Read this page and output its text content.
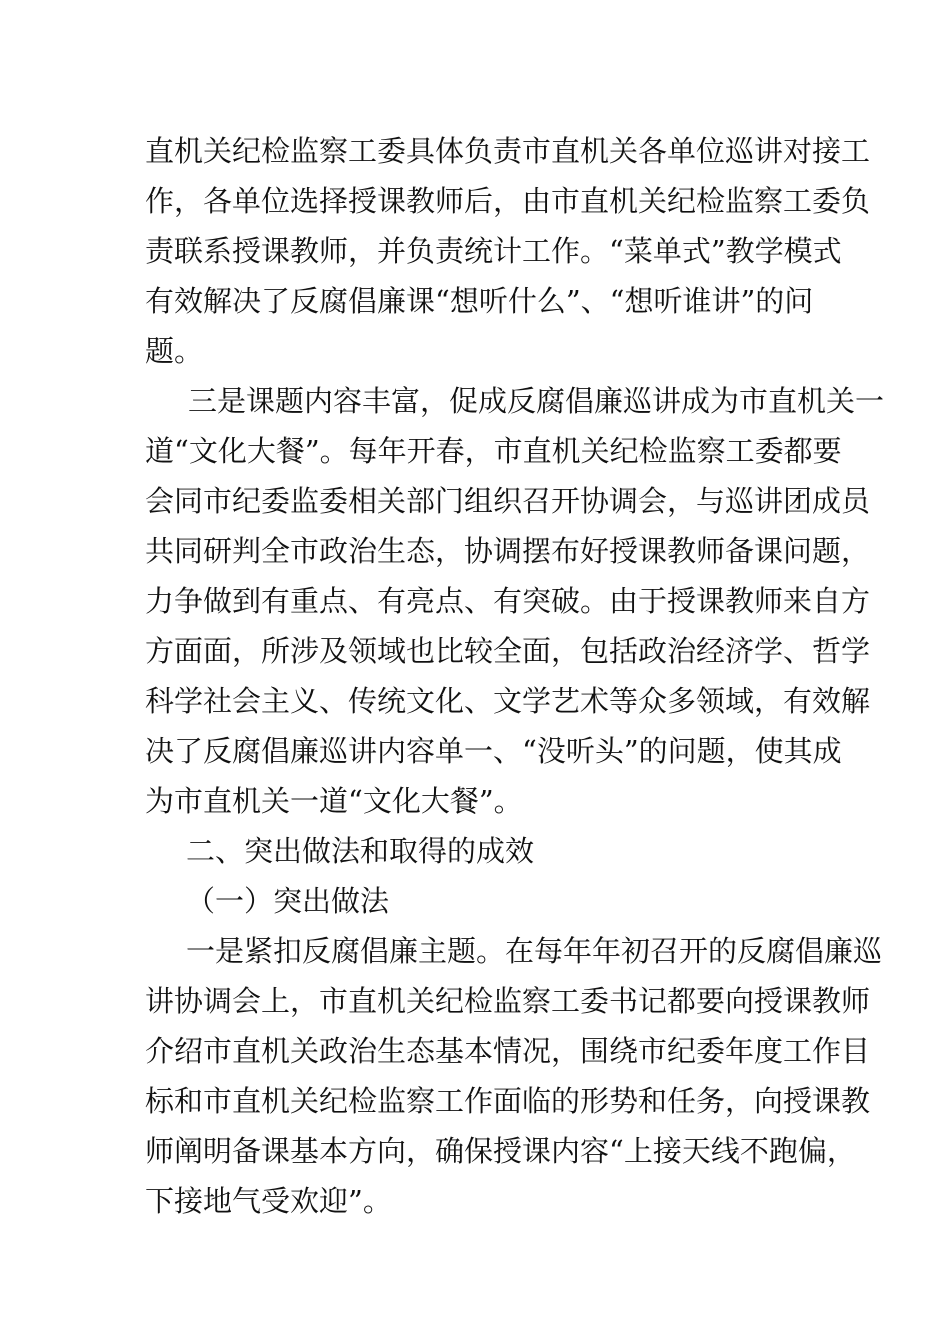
直机关纪检监察工委具体负责市直机关各单位巡讲对接工
作，各单位选择授课教师后，由市直机关纪检监察工委负
责联系授课教师，并负责统计工作。“菜单式”教学模式
有效解决了反腐倡廉课“想听什么”、“想听谁讲”的问
题。
三是课题内容丰富，促成反腐倡廉巡讲成为市直机关一
道“文化大餐”。每年开春，市直机关纪检监察工委都要
会同市纪委监委相关部门组织召开协调会，与巡讲团成员
共同研判全市政治生态，协调摆布好授课教师备课问题，
力争做到有重点、有亮点、有突破。由于授课教师来自方
方面面，所涉及领域也比较全面，包括政治经济学、哲学
科学社会主义、传统文化、文学艺术等众多领域，有效解
决了反腐倡廉巡讲内容单一、“没听头”的问题，使其成
为市直机关一道“文化大餐”。
二、突出做法和取得的成效
（一）突出做法
一是紧扣反腐倡廉主题。在每年年初召开的反腐倡廉巡
讲协调会上，市直机关纪检监察工委书记都要向授课教师
介绍市直机关政治生态基本情况，围绕市纪委年度工作目
标和市直机关纪检监察工作面临的形势和任务，向授课教
师阐明备课基本方向，确保授课内容“上接天线不跑偏，
下接地气受欢迎”。
